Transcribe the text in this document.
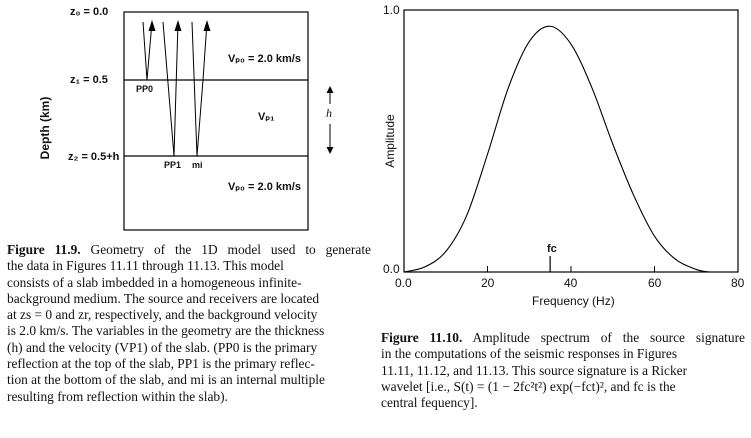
Depth (km)
z₀ = 0.0
z₁ = 0.5
z₂ = 0.5+h
Vₚ₀ = 2.0 km/s
Vₚ₁
Vₚ₀ = 2.0 km/s
h
PP0
PP1 mi
1.0
0.0
Amplitude
0.0	20	40	60	80
Frequency (Hz)
fc
Figure 11.9. Geometry of the 1D model used to generate
the data in Figures 11.11 through 11.13. This model
consists of a slab imbedded in a homogeneous infinite-
background medium. The source and receivers are located
at zs = 0 and zr, respectively, and the background velocity
is 2.0 km/s. The variables in the geometry are the thickness
(h) and the velocity (VP1) of the slab. (PP0 is the primary
reflection at the top of the slab, PP1 is the primary reflec-
tion at the bottom of the slab, and mi is an internal multiple
resulting from reflection within the slab).
Figure 11.10. Amplitude spectrum of the source signature
in the computations of the seismic responses in Figures
11.11, 11.12, and 11.13. This source signature is a Ricker
wavelet [i.e., S(t) = (1 − 2fc²t²) exp(−fct)², and fc is the
central fequency].
